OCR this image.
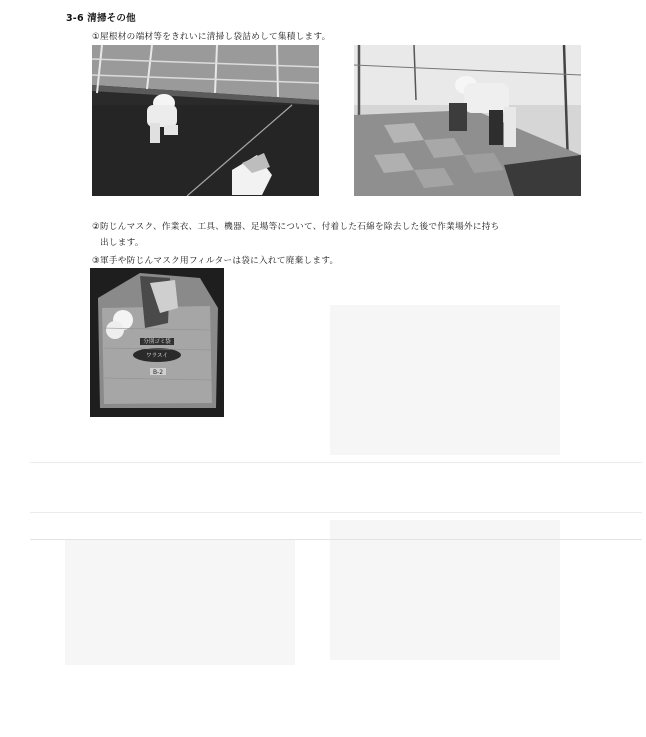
3-6 清掃その他
①屋根材の端材等をきれいに清掃し袋詰めして集積します。
②防じんマスク、作業衣、工具、機器、足場等について、付着した石綿を除去した後で作業場外に持ち
出します。
③軍手や防じんマスク用フィルターは袋に入れて廃棄します。
分別ゴミ袋
ワラスイ
B-2
